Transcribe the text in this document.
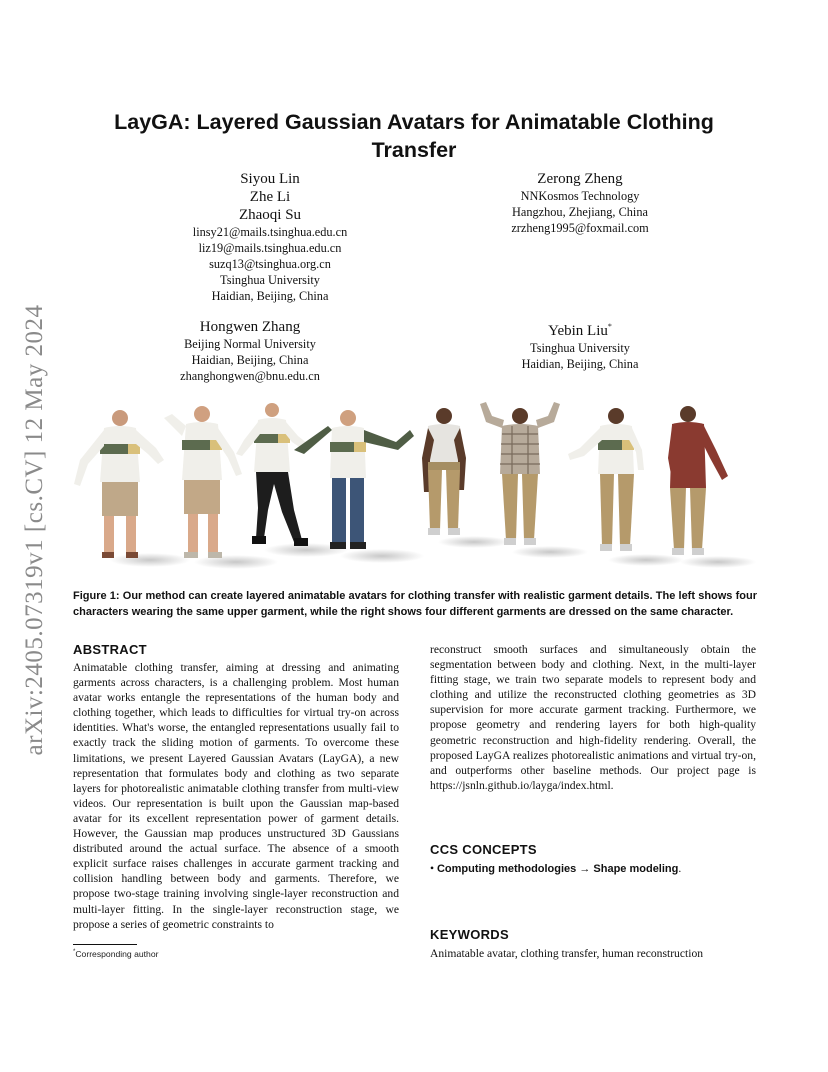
arXiv:2405.07319v1 [cs.CV] 12 May 2024
LayGA: Layered Gaussian Avatars for Animatable Clothing
Transfer
Siyou Lin
Zhe Li
Zhaoqi Su
linsy21@mails.tsinghua.edu.cn
liz19@mails.tsinghua.edu.cn
suzq13@tsinghua.org.cn
Tsinghua University
Haidian, Beijing, China
Zerong Zheng
NNKosmos Technology
Hangzhou, Zhejiang, China
zrzheng1995@foxmail.com
Hongwen Zhang
Beijing Normal University
Haidian, Beijing, China
zhanghongwen@bnu.edu.cn
Yebin Liu*
Tsinghua University
Haidian, Beijing, China
Figure 1: Our method can create layered animatable avatars for clothing transfer with realistic garment details. The left shows four characters wearing the same upper garment, while the right shows four different garments are dressed on the same character.
ABSTRACT
Animatable clothing transfer, aiming at dressing and animating garments across characters, is a challenging problem. Most human avatar works entangle the representations of the human body and clothing together, which leads to difficulties for virtual try-on across identities. What's worse, the entangled representations usually fail to exactly track the sliding motion of garments. To overcome these limitations, we present Layered Gaussian Avatars (LayGA), a new representation that formulates body and clothing as two separate layers for photorealistic animatable clothing transfer from multi-view videos. Our representation is built upon the Gaussian map-based avatar for its excellent representation power of garment details. However, the Gaussian map produces unstructured 3D Gaussians distributed around the actual surface. The absence of a smooth explicit surface raises challenges in accurate garment tracking and collision handling between body and garments. Therefore, we propose two-stage training involving single-layer reconstruction and multi-layer fitting. In the single-layer reconstruction stage, we propose a series of geometric constraints to
reconstruct smooth surfaces and simultaneously obtain the segmentation between body and clothing. Next, in the multi-layer fitting stage, we train two separate models to represent body and clothing and utilize the reconstructed clothing geometries as 3D supervision for more accurate garment tracking. Furthermore, we propose geometry and rendering layers for both high-quality geometric reconstruction and high-fidelity rendering. Overall, the proposed LayGA realizes photorealistic animations and virtual try-on, and outperforms other baseline methods. Our project page is https://jsnln.github.io/layga/index.html.
*Corresponding author
CCS CONCEPTS
• Computing methodologies → Shape modeling.
KEYWORDS
Animatable avatar, clothing transfer, human reconstruction
